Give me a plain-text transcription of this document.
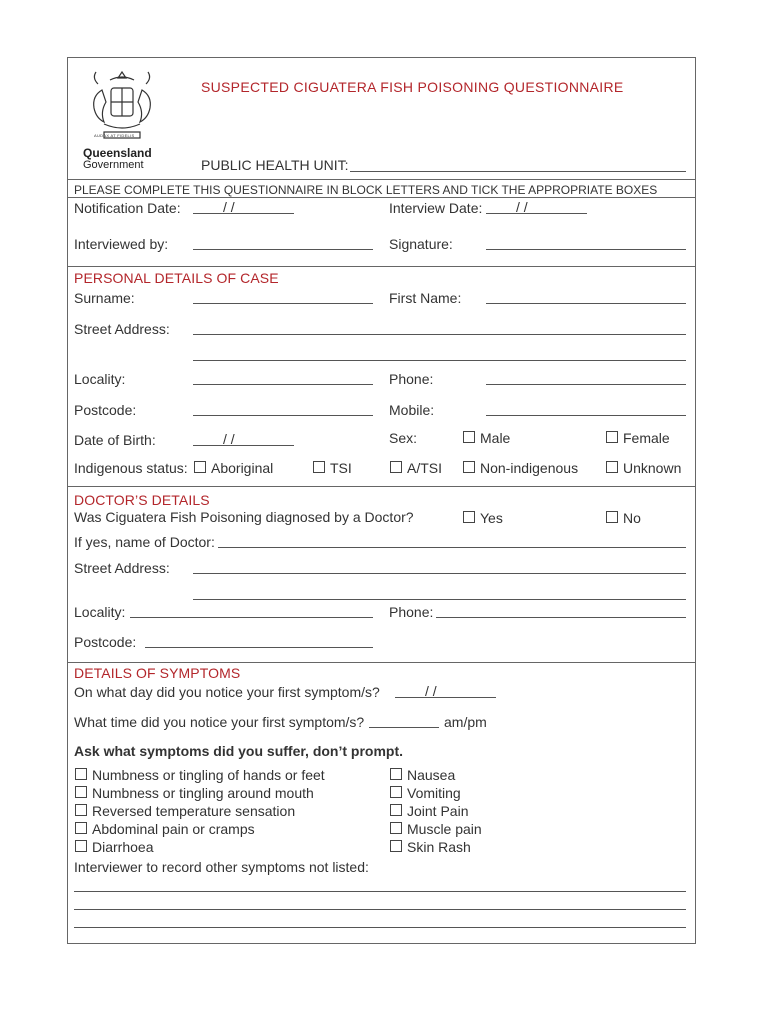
AUDAX AT FIDELIS
Queensland
Government
SUSPECTED CIGUATERA FISH POISONING QUESTIONNAIRE
PUBLIC HEALTH UNIT:
PLEASE COMPLETE THIS QUESTIONNAIRE IN BLOCK LETTERS AND TICK THE APPROPRIATE BOXES
Notification Date:	/ /	Interview Date: / /
Interviewed by:	Signature:
PERSONAL DETAILS OF CASE
Surname:	First Name:
Street Address:
Locality:	Phone:
Postcode:	Mobile:
Date of Birth:	/ /	Sex:	Male	Female
Indigenous status: Aboriginal	TSI	A/TSI	Non-indigenous	Unknown
DOCTOR’S DETAILS
Was Ciguatera Fish Poisoning diagnosed by a Doctor?	Yes	No
If yes, name of Doctor:
Street Address:
Locality:	Phone:
Postcode:
DETAILS OF SYMPTOMS
On what day did you notice your first symptom/s?	/ /
What time did you notice your first symptom/s?	am/pm
Ask what symptoms did you suffer, don’t prompt.
Numbness or tingling of hands or feet
Numbness or tingling around mouth
Reversed temperature sensation
Abdominal pain or cramps
Diarrhoea
Nausea
Vomiting
Joint Pain
Muscle pain
Skin Rash
Interviewer to record other symptoms not listed:
